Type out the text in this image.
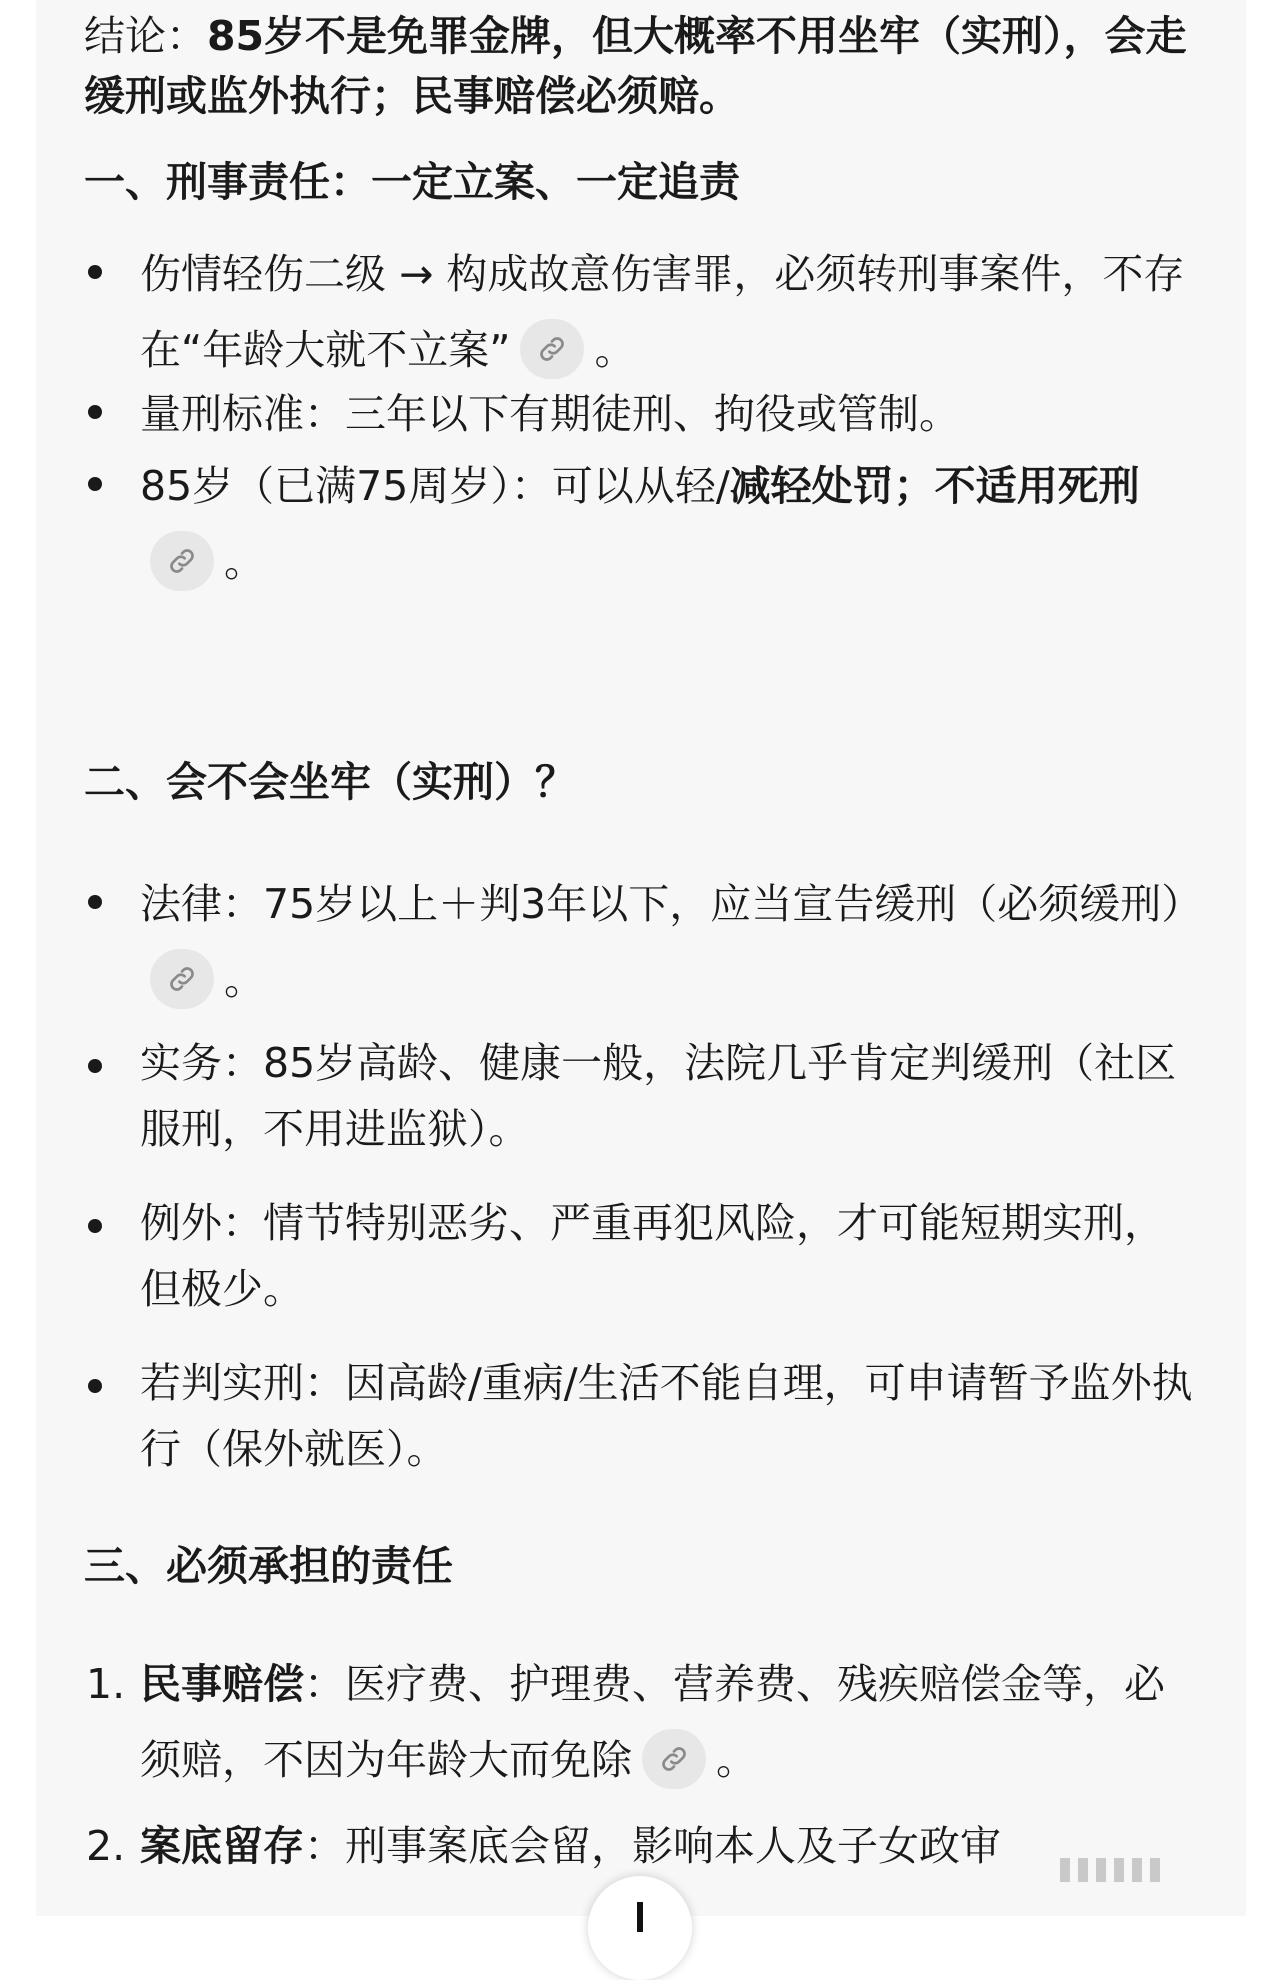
结论：85岁不是免罪金牌，但大概率不用坐牢（实刑），会走缓刑或监外执行；民事赔偿必须赔。

一、刑事责任：一定立案、一定追责
伤情轻伤二级 → 构成故意伤害罪，必须转刑事案件，不存在“年龄大就不立案” 。
量刑标准：三年以下有期徒刑、拘役或管制。
85岁（已满75周岁）：可以从轻/减轻处罚；不适用死刑
。
二、会不会坐牢（实刑）？
法律：75岁以上＋判3年以下，应当宣告缓刑（必须缓刑）
。
实务：85岁高龄、健康一般，法院几乎肯定判缓刑（社区服刑，不用进监狱）。
例外：情节特别恶劣、严重再犯风险，才可能短期实刑，但极少。
若判实刑：因高龄/重病/生活不能自理，可申请暂予监外执行（保外就医）。
三、必须承担的责任
1. 民事赔偿：医疗费、护理费、营养费、残疾赔偿金等，必须赔，不因为年龄大而免除 。
2. 案底留存：刑事案底会留，影响本人及子女政审
